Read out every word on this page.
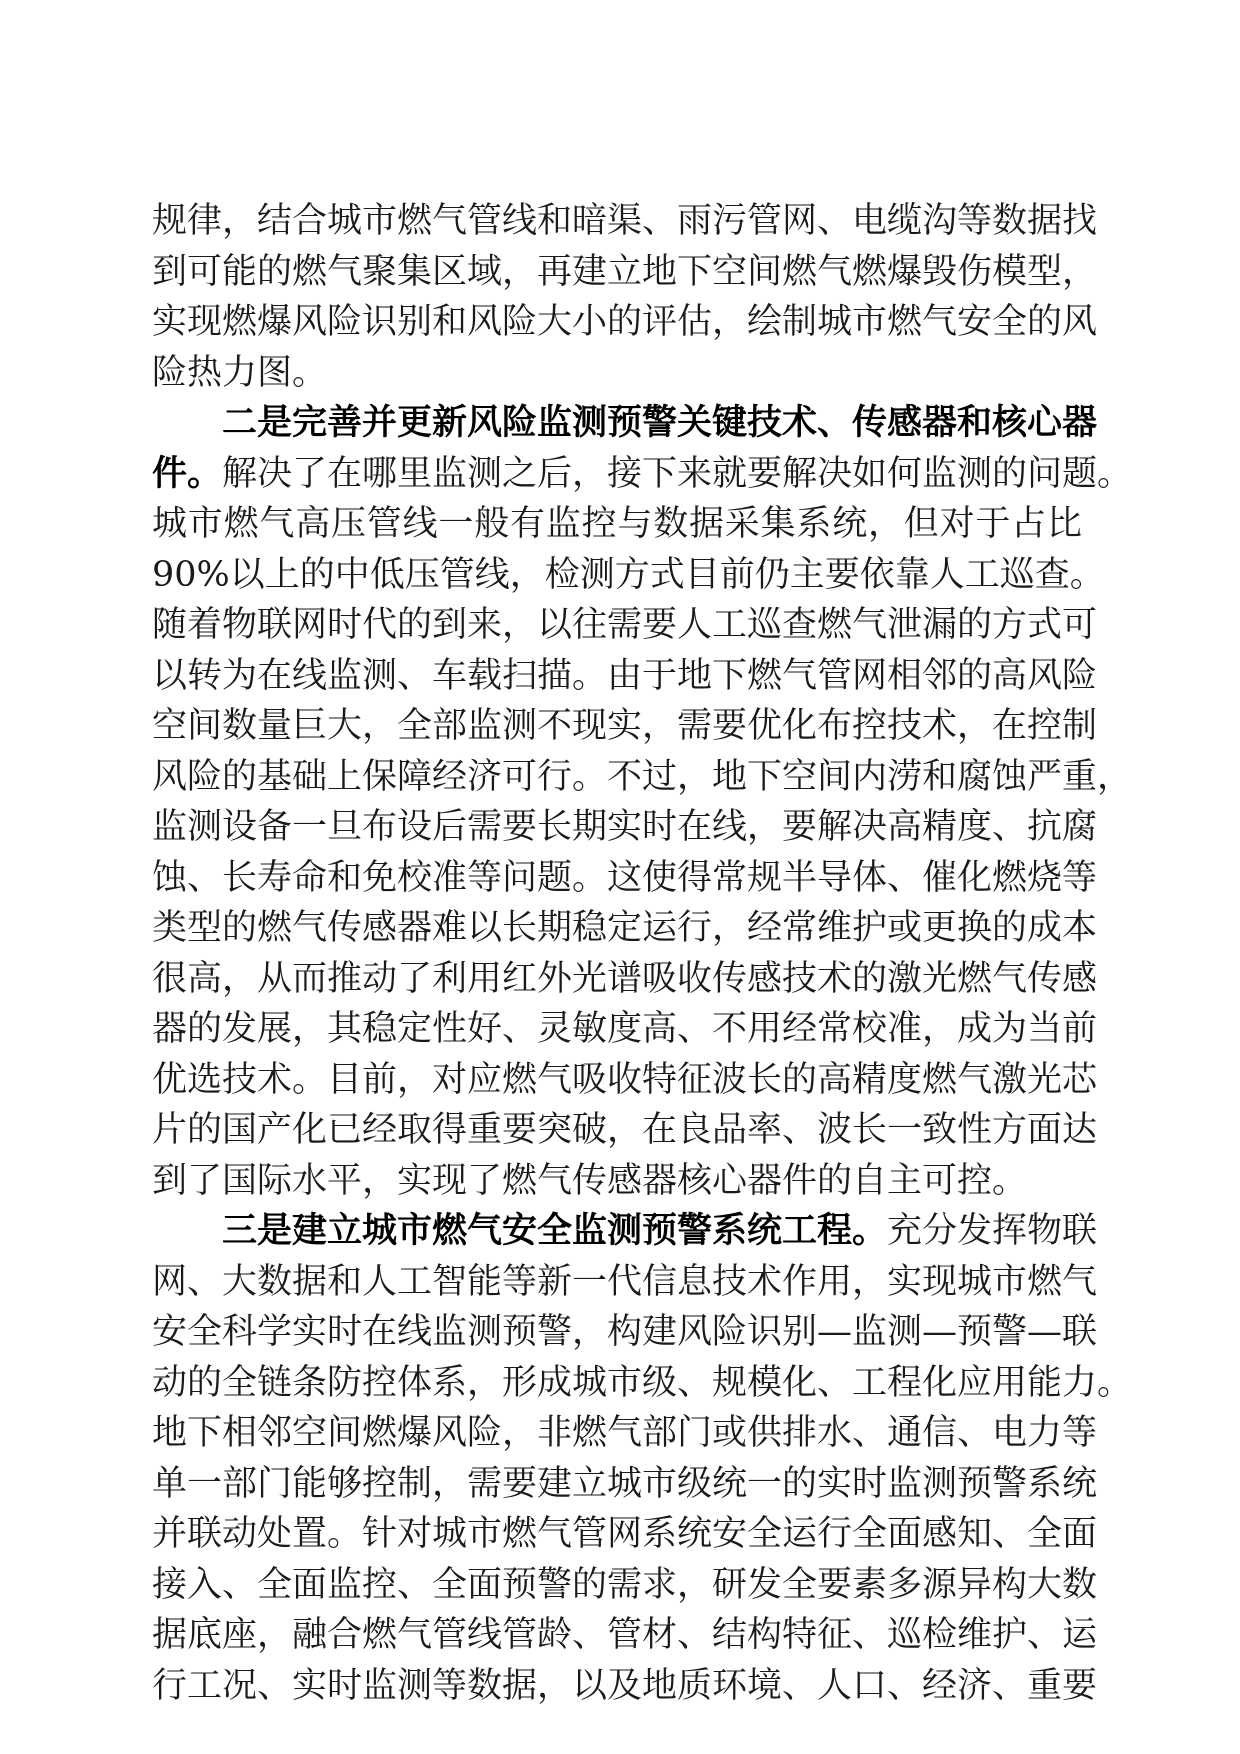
规律，结合城市燃气管线和暗渠、雨污管网、电缆沟等数据找
到可能的燃气聚集区域，再建立地下空间燃气燃爆毁伤模型，
实现燃爆风险识别和风险大小的评估，绘制城市燃气安全的风
险热力图。
二是完善并更新风险监测预警关键技术、传感器和核心器
件。解决了在哪里监测之后，接下来就要解决如何监测的问题。
城市燃气高压管线一般有监控与数据采集系统，但对于占比
90%以上的中低压管线，检测方式目前仍主要依靠人工巡查。
随着物联网时代的到来，以往需要人工巡查燃气泄漏的方式可
以转为在线监测、车载扫描。由于地下燃气管网相邻的高风险
空间数量巨大，全部监测不现实，需要优化布控技术，在控制
风险的基础上保障经济可行。不过，地下空间内涝和腐蚀严重，
监测设备一旦布设后需要长期实时在线，要解决高精度、抗腐
蚀、长寿命和免校准等问题。这使得常规半导体、催化燃烧等
类型的燃气传感器难以长期稳定运行，经常维护或更换的成本
很高，从而推动了利用红外光谱吸收传感技术的激光燃气传感
器的发展，其稳定性好、灵敏度高、不用经常校准，成为当前
优选技术。目前，对应燃气吸收特征波长的高精度燃气激光芯
片的国产化已经取得重要突破，在良品率、波长一致性方面达
到了国际水平，实现了燃气传感器核心器件的自主可控。
三是建立城市燃气安全监测预警系统工程。充分发挥物联
网、大数据和人工智能等新一代信息技术作用，实现城市燃气
安全科学实时在线监测预警，构建风险识别—监测—预警—联
动的全链条防控体系，形成城市级、规模化、工程化应用能力。
地下相邻空间燃爆风险，非燃气部门或供排水、通信、电力等
单一部门能够控制，需要建立城市级统一的实时监测预警系统
并联动处置。针对城市燃气管网系统安全运行全面感知、全面
接入、全面监控、全面预警的需求，研发全要素多源异构大数
据底座，融合燃气管线管龄、管材、结构特征、巡检维护、运
行工况、实时监测等数据，以及地质环境、人口、经济、重要
